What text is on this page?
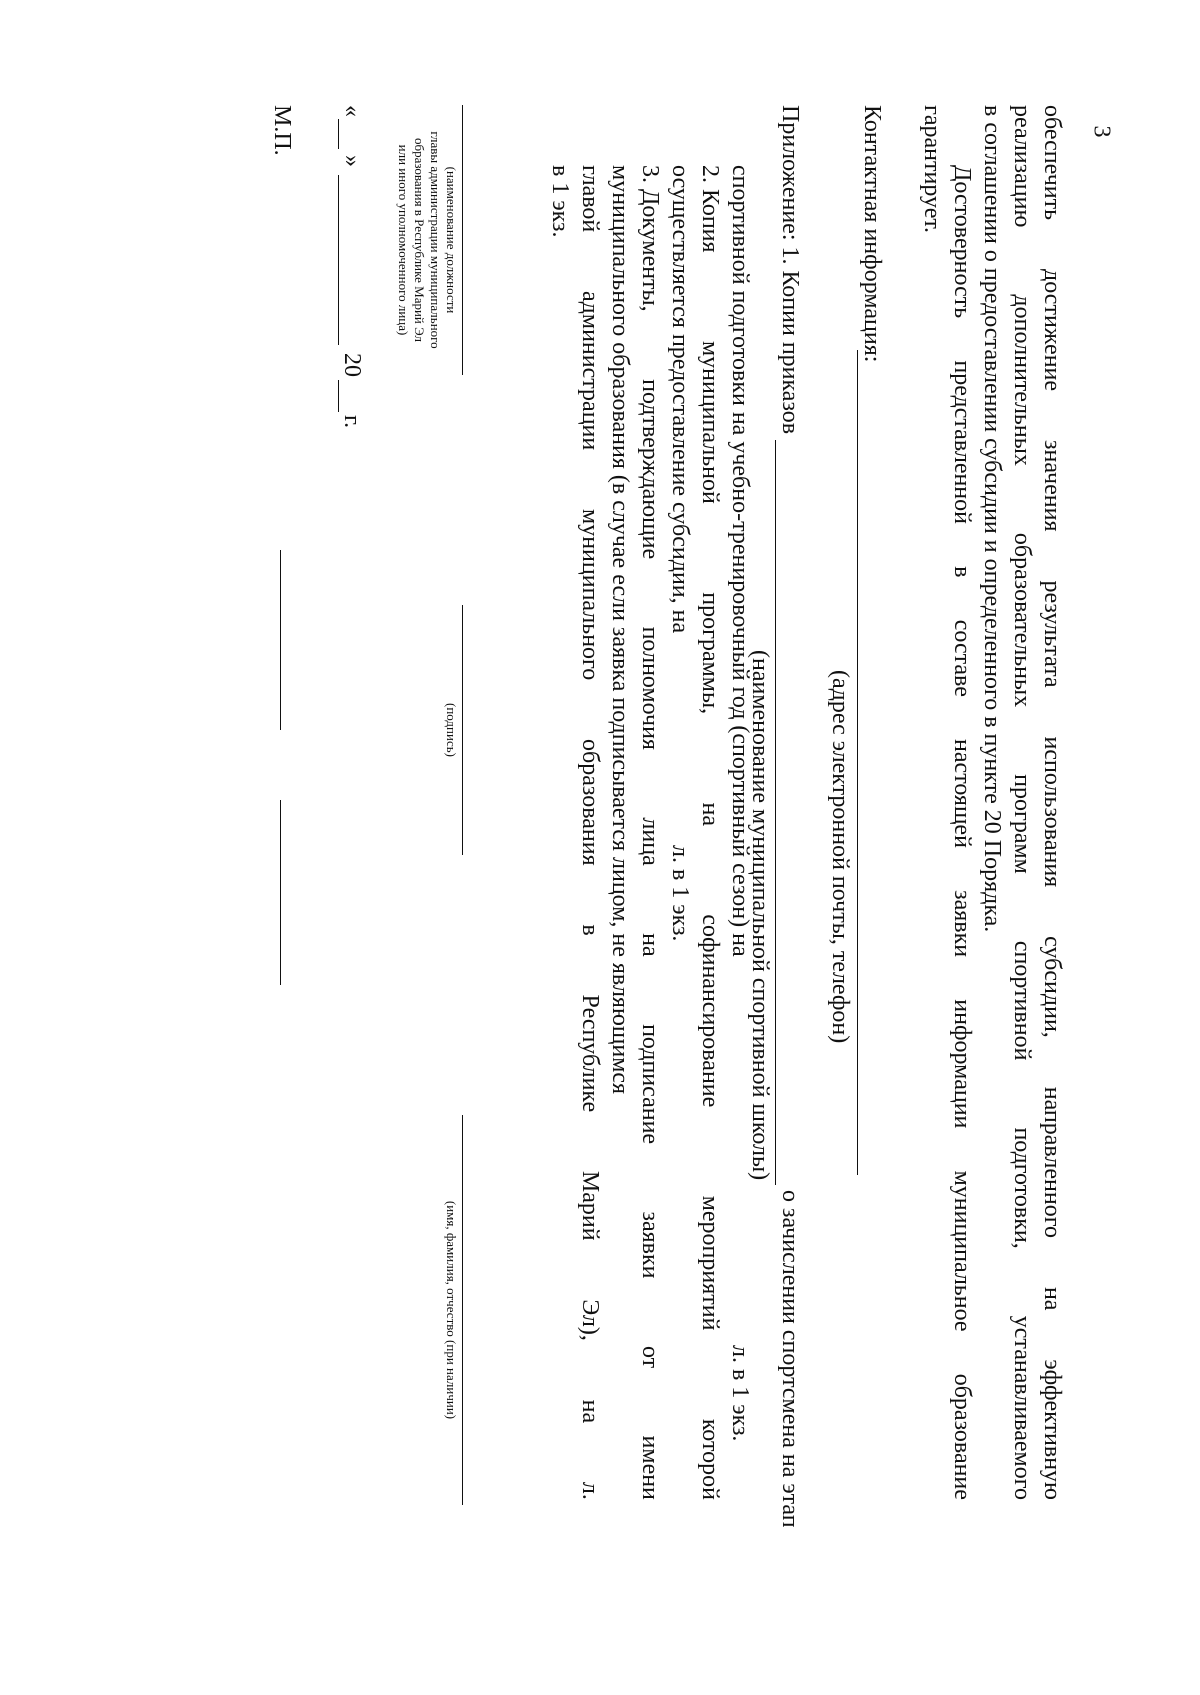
3
обеспечить
достижение
значения
результата
использования
субсидии,
направленного
на
эффективную
реализацию
дополнительных
образовательных
программ
спортивной
подготовки,
устанавливаемого
в соглашении о предоставлении субсидии и определенного в пункте 20 Порядка.
Достоверность
представленной
в
составе
настоящей
заявки
информации
муниципальное
образование
гарантирует.
Контактная информация:
(адрес электронной почты, телефон)
Приложение: 1. Копии приказов
(наименование муниципальной спортивной школы)
о зачислении спортсмена на этап
спортивной подготовки на учебно-тренировочный год (спортивный сезон) на
л. в 1 экз.
2. Копия
муниципальной
программы,
на
софинансирование
мероприятий
которой
осуществляется предоставление субсидии, на
л. в 1 экз.
3. Документы,
подтверждающие
полномочия
лица
на
подписание
заявки
от
имени
муниципального образования (в случае если заявка подписывается лицом, не являющимся
главой
администрации
муниципального
образования
в
Республике
Марий
Эл),
на
л.
в 1 экз.
(наименование должности
главы администрации муниципального
образования в Республике Марий Эл
или иного уполномоченного лица)
(подпись)
(имя, фамилия, отчество (при наличии)
«
»
20
г.
М.П.
